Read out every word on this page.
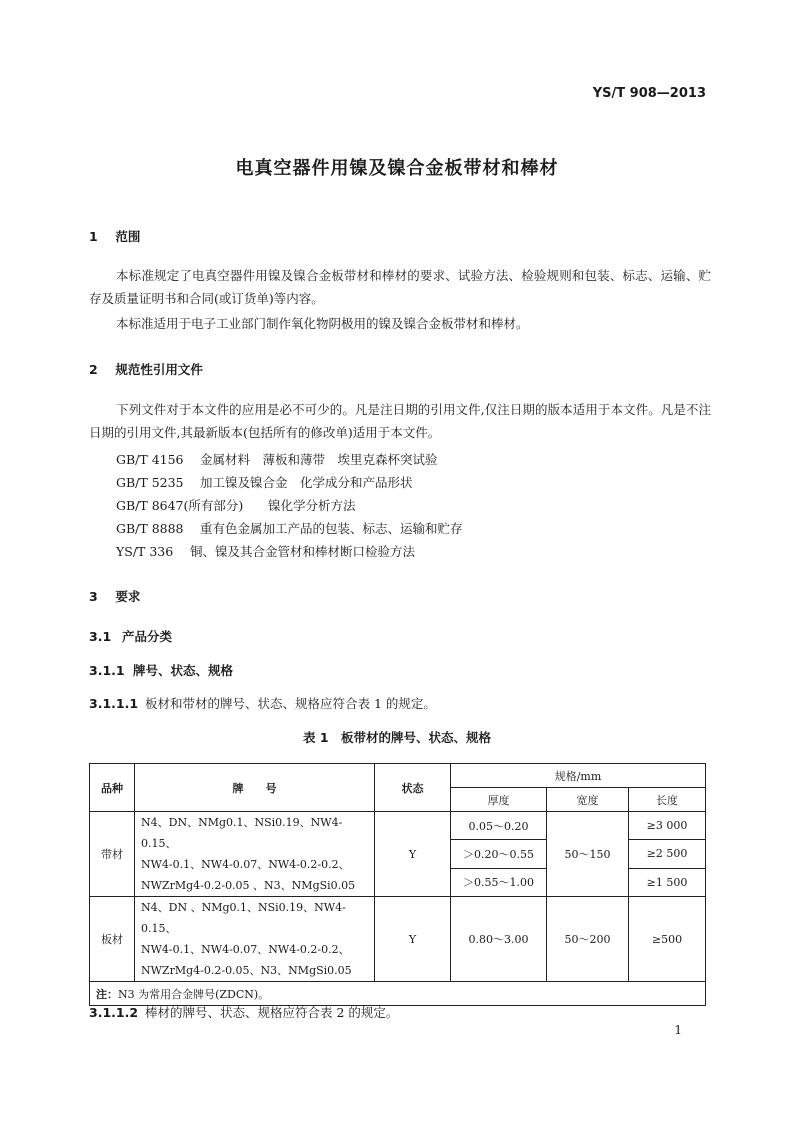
YS/T 908—2013
电真空器件用镍及镍合金板带材和棒材
1 范围
本标准规定了电真空器件用镍及镍合金板带材和棒材的要求、试验方法、检验规则和包装、标志、运输、贮存及质量证明书和合同(或订货单)等内容。
本标准适用于电子工业部门制作氧化物阴极用的镍及镍合金板带材和棒材。
2 规范性引用文件
下列文件对于本文件的应用是必不可少的。凡是注日期的引用文件,仅注日期的版本适用于本文件。凡是不注日期的引用文件,其最新版本(包括所有的修改单)适用于本文件。
GB/T 4156 金属材料　薄板和薄带　埃里克森杯突试验
GB/T 5235 加工镍及镍合金　化学成分和产品形状
GB/T 8647(所有部分) 镍化学分析方法
GB/T 8888 重有色金属加工产品的包装、标志、运输和贮存
YS/T 336 铜、镍及其合金管材和棒材断口检验方法
3 要求
3.1 产品分类
3.1.1 牌号、状态、规格
3.1.1.1 板材和带材的牌号、状态、规格应符合表 1 的规定。
表 1　板带材的牌号、状态、规格
品种	牌　　号	状态	规格/mm		
			厚度	宽度	长度
带材	N4、DN、NMg0.1、NSi0.19、NW4-0.15、
NW4-0.1、NW4-0.07、NW4-0.2-0.2、
NWZrMg4-0.2-0.05 、N3、NMgSi0.05	Y	0.05～0.20	50～150	≥3 000
			＞0.20～0.55		≥2 500
			＞0.55～1.00		≥1 500
板材	N4、DN 、NMg0.1、NSi0.19、NW4-0.15、
NW4-0.1、NW4-0.07、NW4-0.2-0.2、
NWZrMg4-0.2-0.05、N3、NMgSi0.05	Y	0.80～3.00	50～200	≥500
注：N3 为常用合金牌号(ZDCN)。					
3.1.1.2 棒材的牌号、状态、规格应符合表 2 的规定。
1
